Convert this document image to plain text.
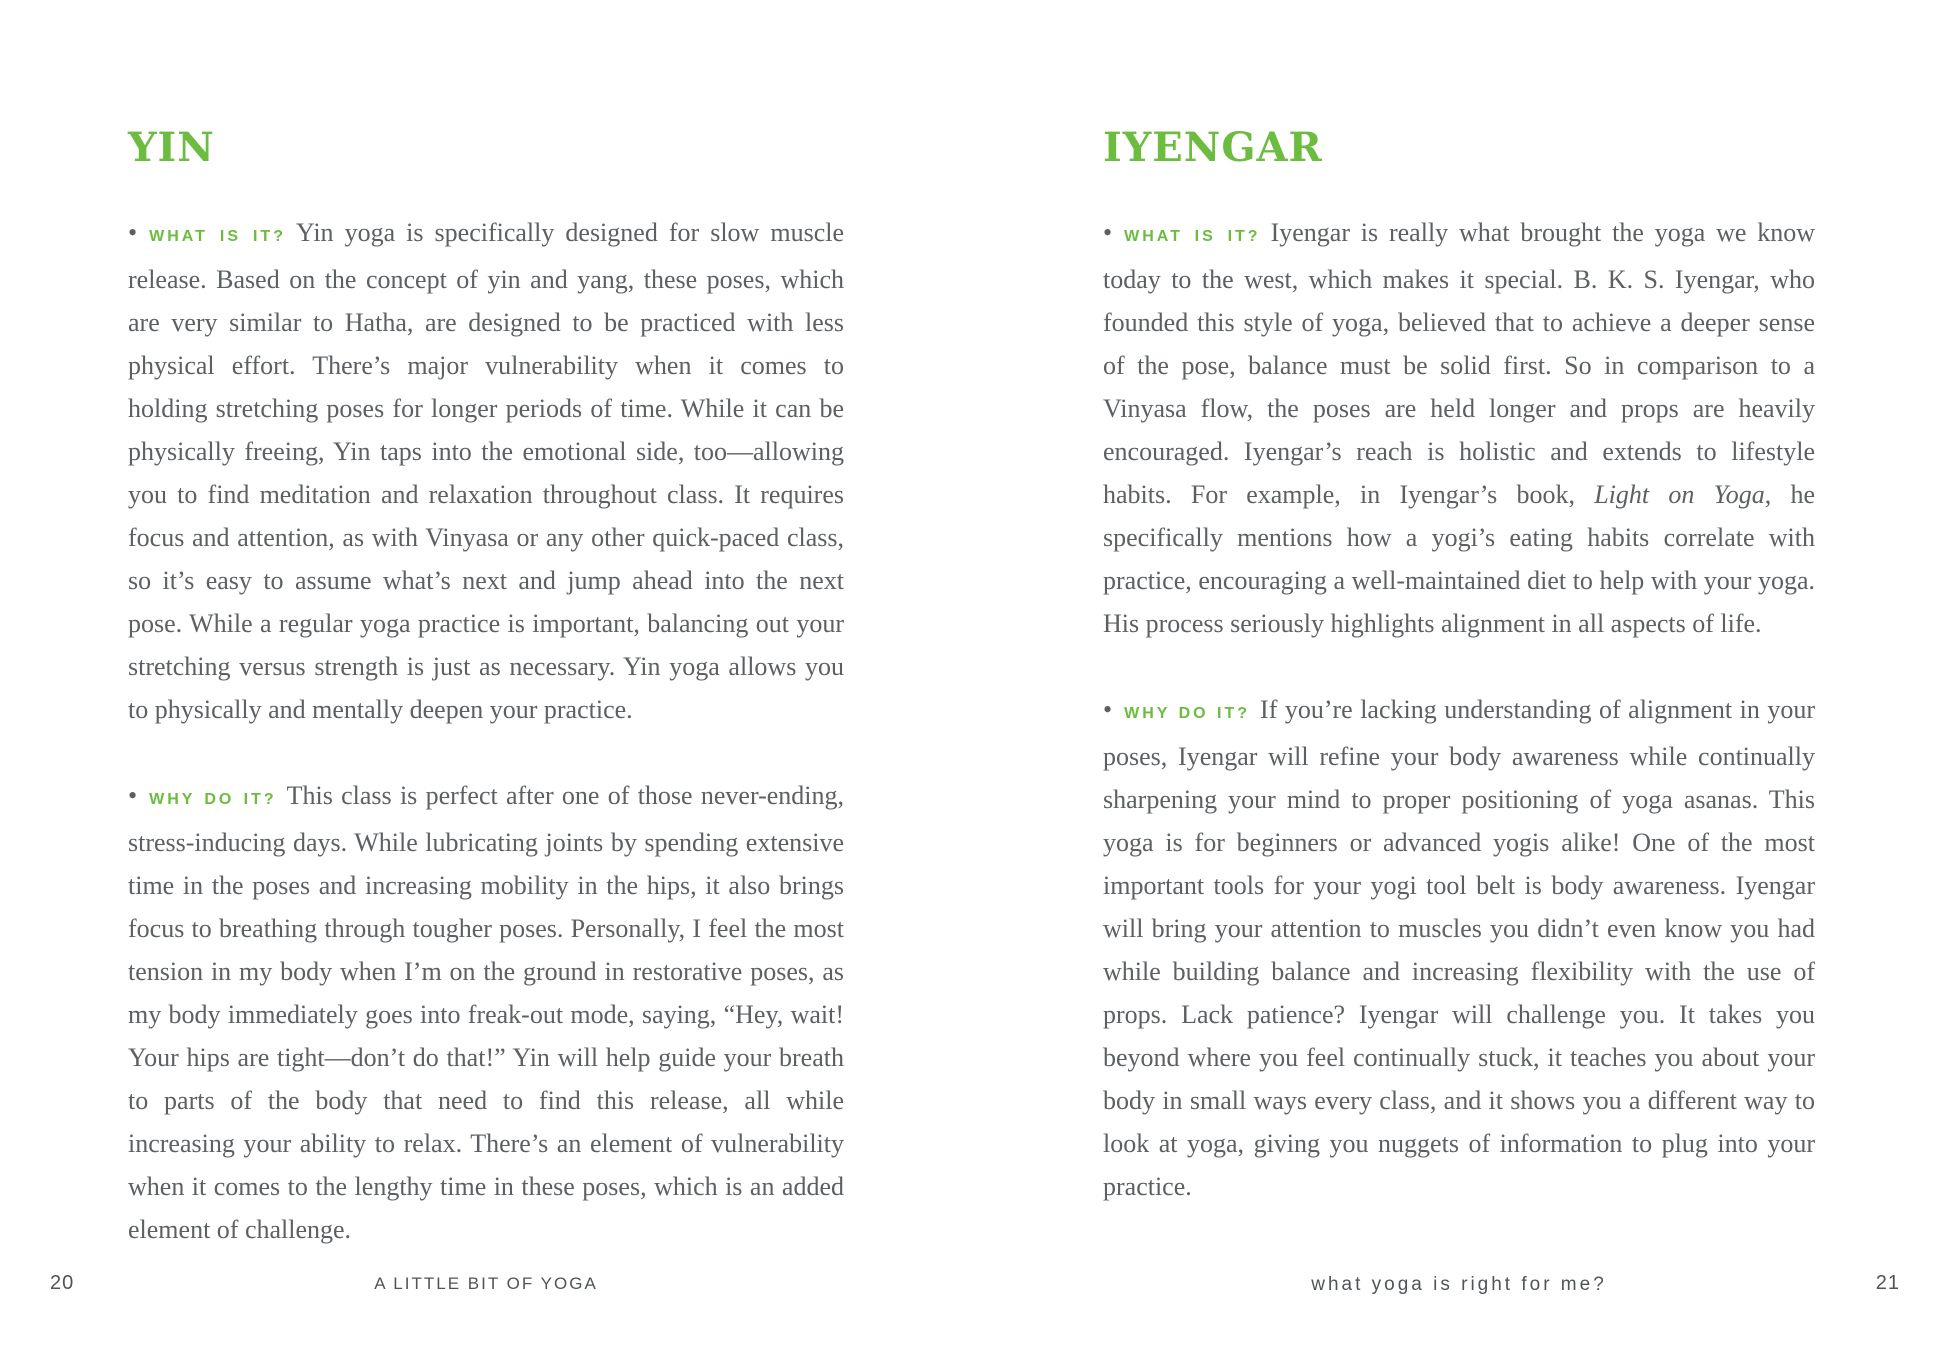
YIN

• WHAT IS IT? Yin yoga is specifically designed for slow muscle release. Based on the concept of yin and yang, these poses, which are very similar to Hatha, are designed to be practiced with less physical effort. There’s major vulnerability when it comes to holding stretching poses for longer periods of time. While it can be physically freeing, Yin taps into the emotional side, too—allowing you to find meditation and relaxation throughout class. It requires focus and attention, as with Vinyasa or any other quick-paced class, so it’s easy to assume what’s next and jump ahead into the next pose. While a regular yoga practice is important, balancing out your stretching versus strength is just as necessary. Yin yoga allows you to physically and mentally deepen your practice.

• WHY DO IT? This class is perfect after one of those never-ending, stress-inducing days. While lubricating joints by spending extensive time in the poses and increasing mobility in the hips, it also brings focus to breathing through tougher poses. Personally, I feel the most tension in my body when I’m on the ground in restorative poses, as my body immediately goes into freak-out mode, saying, “Hey, wait! Your hips are tight—don’t do that!” Yin will help guide your breath to parts of the body that need to find this release, all while increasing your ability to relax. There’s an element of vulnerability when it comes to the lengthy time in these poses, which is an added element of challenge.

IYENGAR

• WHAT IS IT? Iyengar is really what brought the yoga we know today to the west, which makes it special. B. K. S. Iyengar, who founded this style of yoga, believed that to achieve a deeper sense of the pose, balance must be solid first. So in comparison to a Vinyasa flow, the poses are held longer and props are heavily encouraged. Iyengar’s reach is holistic and extends to lifestyle habits. For example, in Iyengar’s book, Light on Yoga, he specifically mentions how a yogi’s eating habits correlate with practice, encouraging a well-maintained diet to help with your yoga. His process seriously highlights alignment in all aspects of life.

• WHY DO IT? If you’re lacking understanding of alignment in your poses, Iyengar will refine your body awareness while continually sharpening your mind to proper positioning of yoga asanas. This yoga is for beginners or advanced yogis alike! One of the most important tools for your yogi tool belt is body awareness. Iyengar will bring your attention to muscles you didn’t even know you had while building balance and increasing flexibility with the use of props. Lack patience? Iyengar will challenge you. It takes you beyond where you feel continually stuck, it teaches you about your body in small ways every class, and it shows you a different way to look at yoga, giving you nuggets of information to plug into your practice.

20	A LITTLE BIT OF YOGA	what yoga is right for me?	21
